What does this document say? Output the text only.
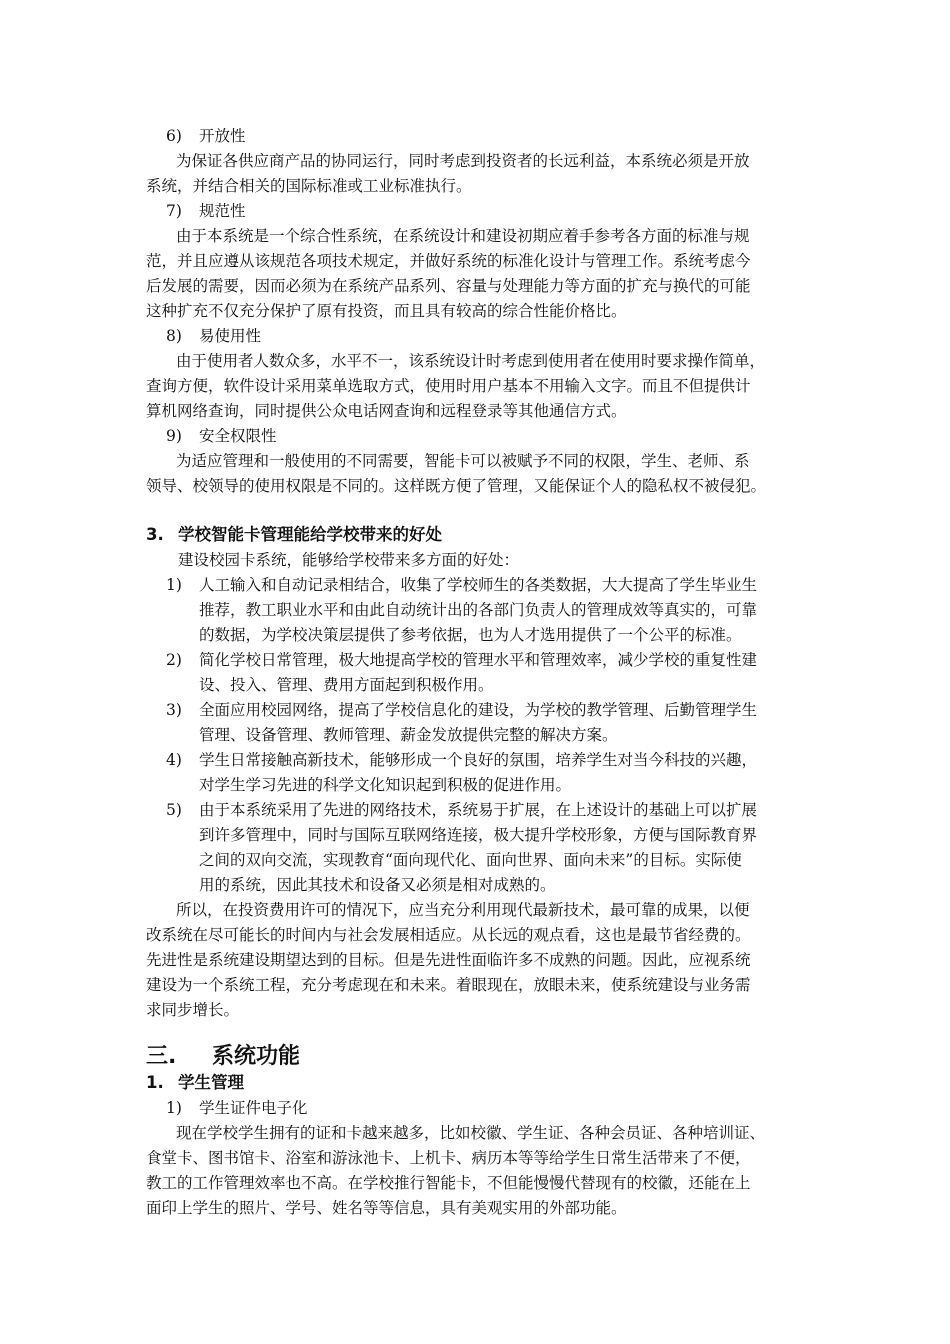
6) 开放性
为保证各供应商产品的协同运行，同时考虑到投资者的长远利益，本系统必须是开放
系统，并结合相关的国际标准或工业标准执行。
7) 规范性
由于本系统是一个综合性系统，在系统设计和建设初期应着手参考各方面的标准与规
范，并且应遵从该规范各项技术规定，并做好系统的标准化设计与管理工作。系统考虑今
后发展的需要，因而必须为在系统产品系列、容量与处理能力等方面的扩充与换代的可能
这种扩充不仅充分保护了原有投资，而且具有较高的综合性能价格比。
8) 易使用性
由于使用者人数众多，水平不一，该系统设计时考虑到使用者在使用时要求操作简单，
查询方便，软件设计采用菜单选取方式，使用时用户基本不用输入文字。而且不但提供计
算机网络查询，同时提供公众电话网查询和远程登录等其他通信方式。
9) 安全权限性
为适应管理和一般使用的不同需要，智能卡可以被赋予不同的权限，学生、老师、系
领导、校领导的使用权限是不同的。这样既方便了管理，又能保证个人的隐私权不被侵犯。
3. 学校智能卡管理能给学校带来的好处
建设校园卡系统，能够给学校带来多方面的好处：
1) 人工输入和自动记录相结合，收集了学校师生的各类数据，大大提高了学生毕业生
推荐，教工职业水平和由此自动统计出的各部门负责人的管理成效等真实的，可靠
的数据，为学校决策层提供了参考依据，也为人才选用提供了一个公平的标准。
2) 简化学校日常管理，极大地提高学校的管理水平和管理效率，减少学校的重复性建
设、投入、管理、费用方面起到积极作用。
3) 全面应用校园网络，提高了学校信息化的建设，为学校的教学管理、后勤管理学生
管理、设备管理、教师管理、薪金发放提供完整的解决方案。
4) 学生日常接触高新技术，能够形成一个良好的氛围，培养学生对当今科技的兴趣，
对学生学习先进的科学文化知识起到积极的促进作用。
5) 由于本系统采用了先进的网络技术，系统易于扩展，在上述设计的基础上可以扩展
到许多管理中，同时与国际互联网络连接，极大提升学校形象，方便与国际教育界
之间的双向交流，实现教育“面向现代化、面向世界、面向未来”的目标。实际使
用的系统，因此其技术和设备又必须是相对成熟的。
所以，在投资费用许可的情况下，应当充分利用现代最新技术，最可靠的成果，以便
改系统在尽可能长的时间内与社会发展相适应。从长远的观点看，这也是最节省经费的。
先进性是系统建设期望达到的目标。但是先进性面临许多不成熟的问题。因此，应视系统
建设为一个系统工程，充分考虑现在和未来。着眼现在，放眼未来，使系统建设与业务需
求同步增长。
三. 系统功能
1. 学生管理
1) 学生证件电子化
现在学校学生拥有的证和卡越来越多，比如校徽、学生证、各种会员证、各种培训证、
食堂卡、图书馆卡、浴室和游泳池卡、上机卡、病历本等等给学生日常生活带来了不便，
教工的工作管理效率也不高。在学校推行智能卡，不但能慢慢代替现有的校徽，还能在上
面印上学生的照片、学号、姓名等等信息，具有美观实用的外部功能。
